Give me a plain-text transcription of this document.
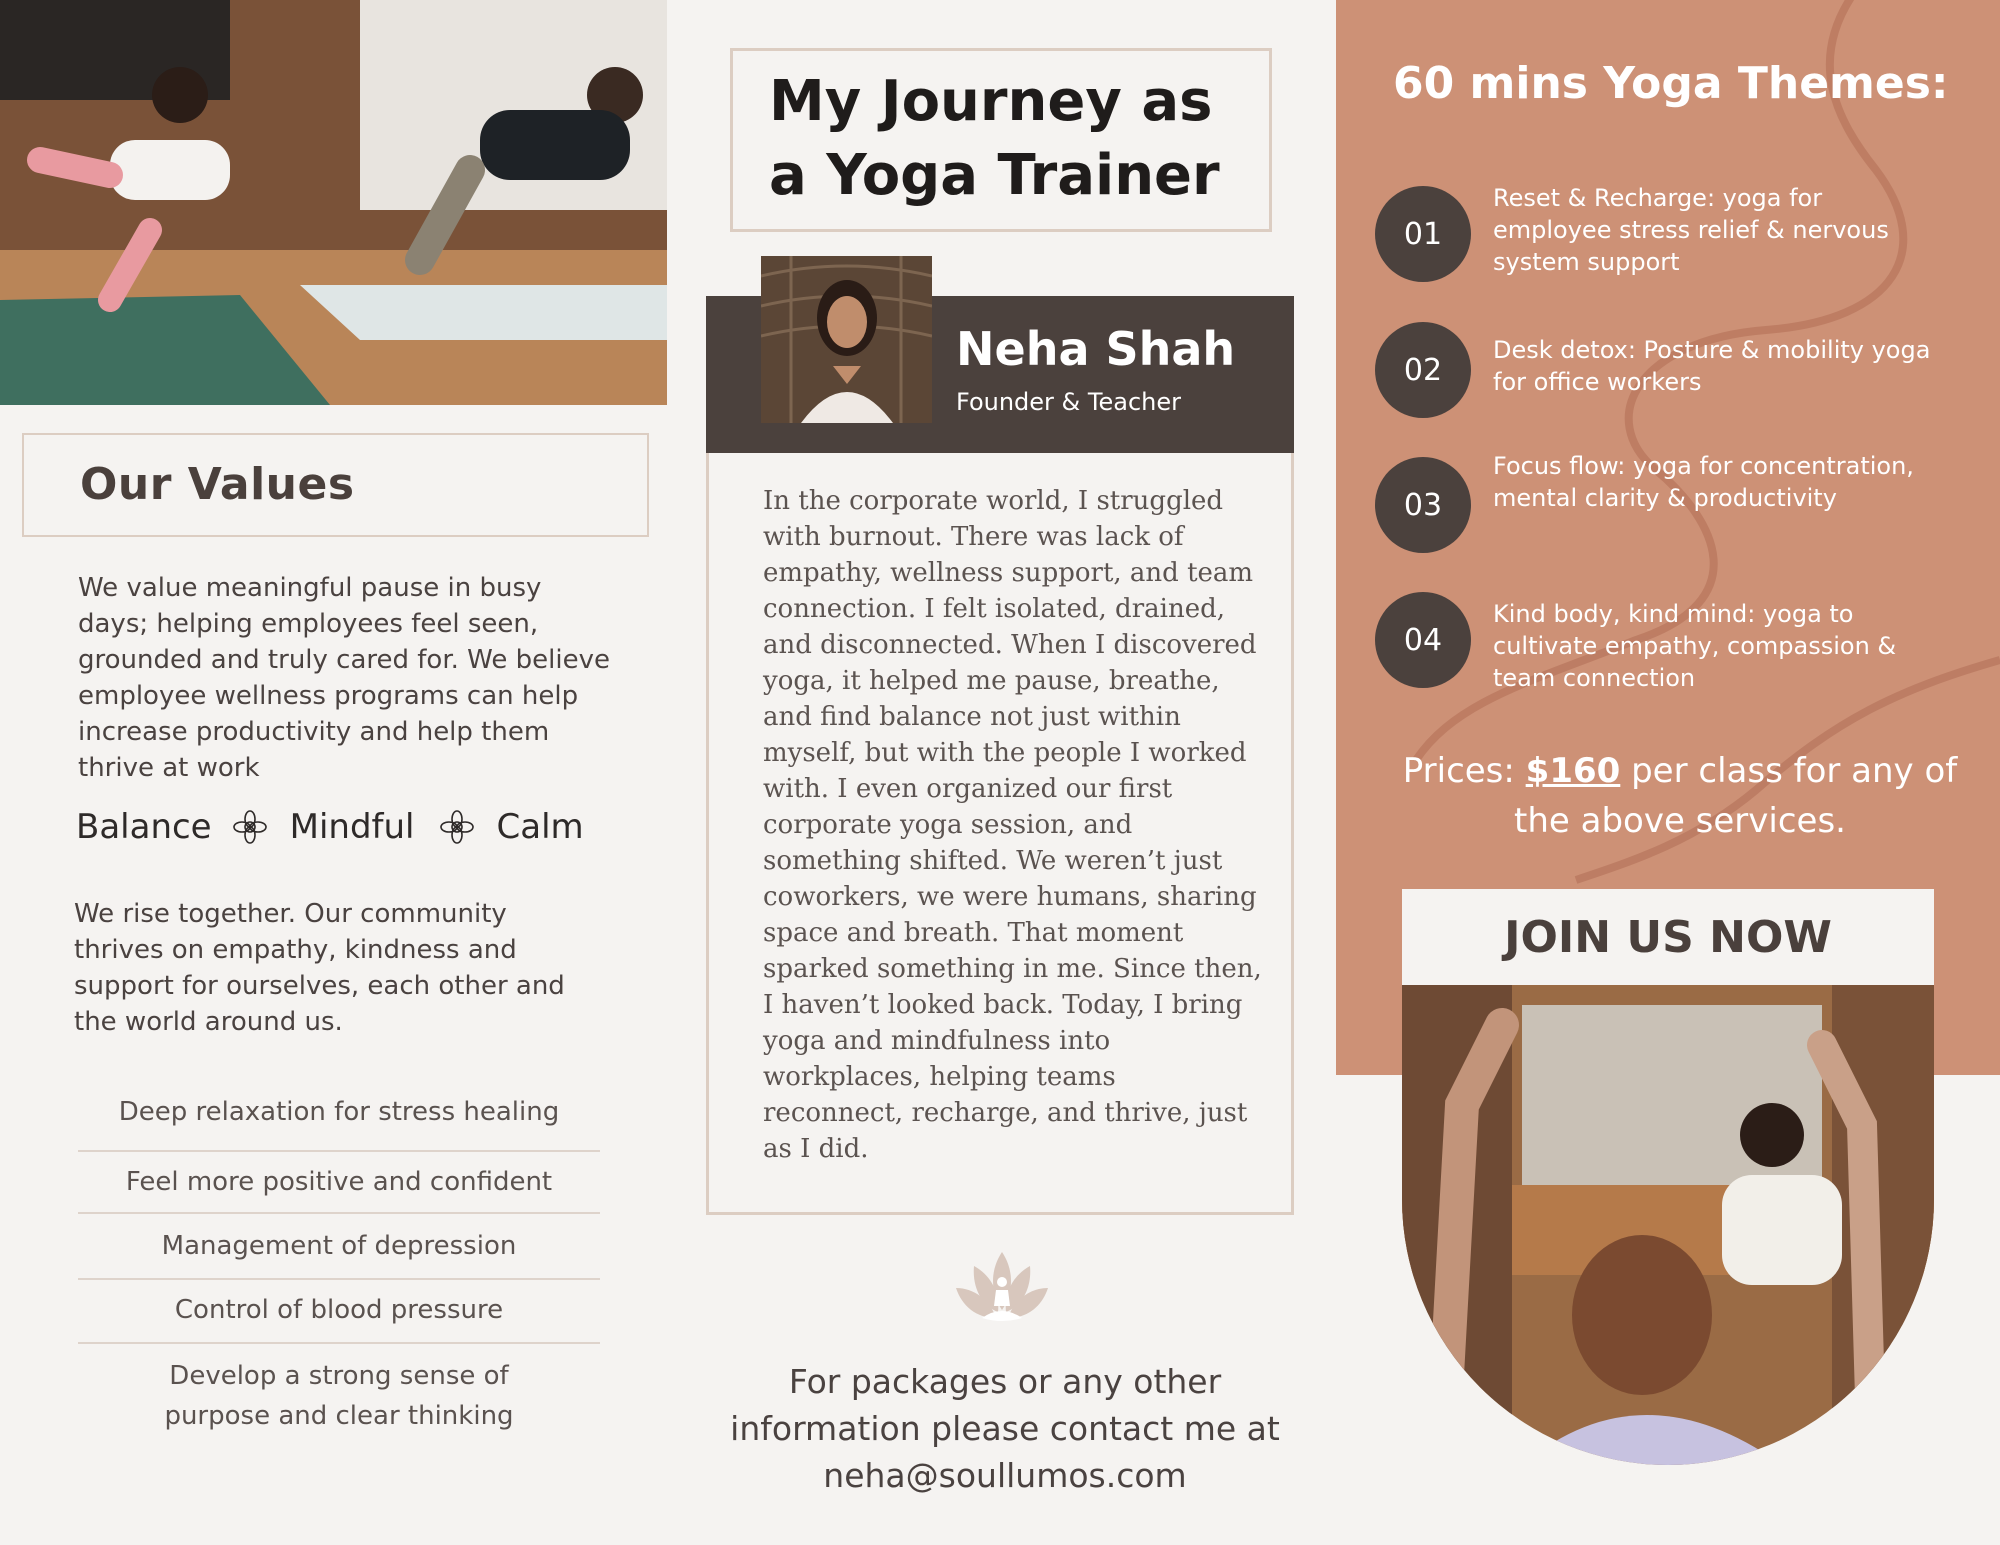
Our Values
We value meaningful pause in busy days; helping employees feel seen, grounded and truly cared for. We believe employee wellness programs can help increase productivity and help them thrive at work
Balance Mindful Calm
We rise together. Our community thrives on empathy, kindness and support for ourselves, each other and the world around us.
Deep relaxation for stress healing
Feel more positive and confident
Management of depression
Control of blood pressure
Develop a strong sense of purpose and clear thinking
My Journey as a Yoga Trainer
Neha Shah
Founder & Teacher
In the corporate world, I struggled with burnout. There was lack of empathy, wellness support, and team connection. I felt isolated, drained, and disconnected. When I discovered yoga, it helped me pause, breathe, and find balance not just within myself, but with the people I worked with. I even organized our first corporate yoga session, and something shifted. We weren’t just coworkers, we were humans, sharing space and breath. That moment sparked something in me. Since then, I haven’t looked back. Today, I bring yoga and mindfulness into workplaces, helping teams reconnect, recharge, and thrive, just as I did.
For packages or any other information please contact me at neha@soullumos.com
60 mins Yoga Themes:
01
Reset & Recharge: yoga for employee stress relief & nervous system support
02
Desk detox: Posture & mobility yoga for office workers
03
Focus flow: yoga for concentration, mental clarity & productivity
04
Kind body, kind mind: yoga to cultivate empathy, compassion & team connection
Prices: $160 per class for any of the above services.
JOIN US NOW
